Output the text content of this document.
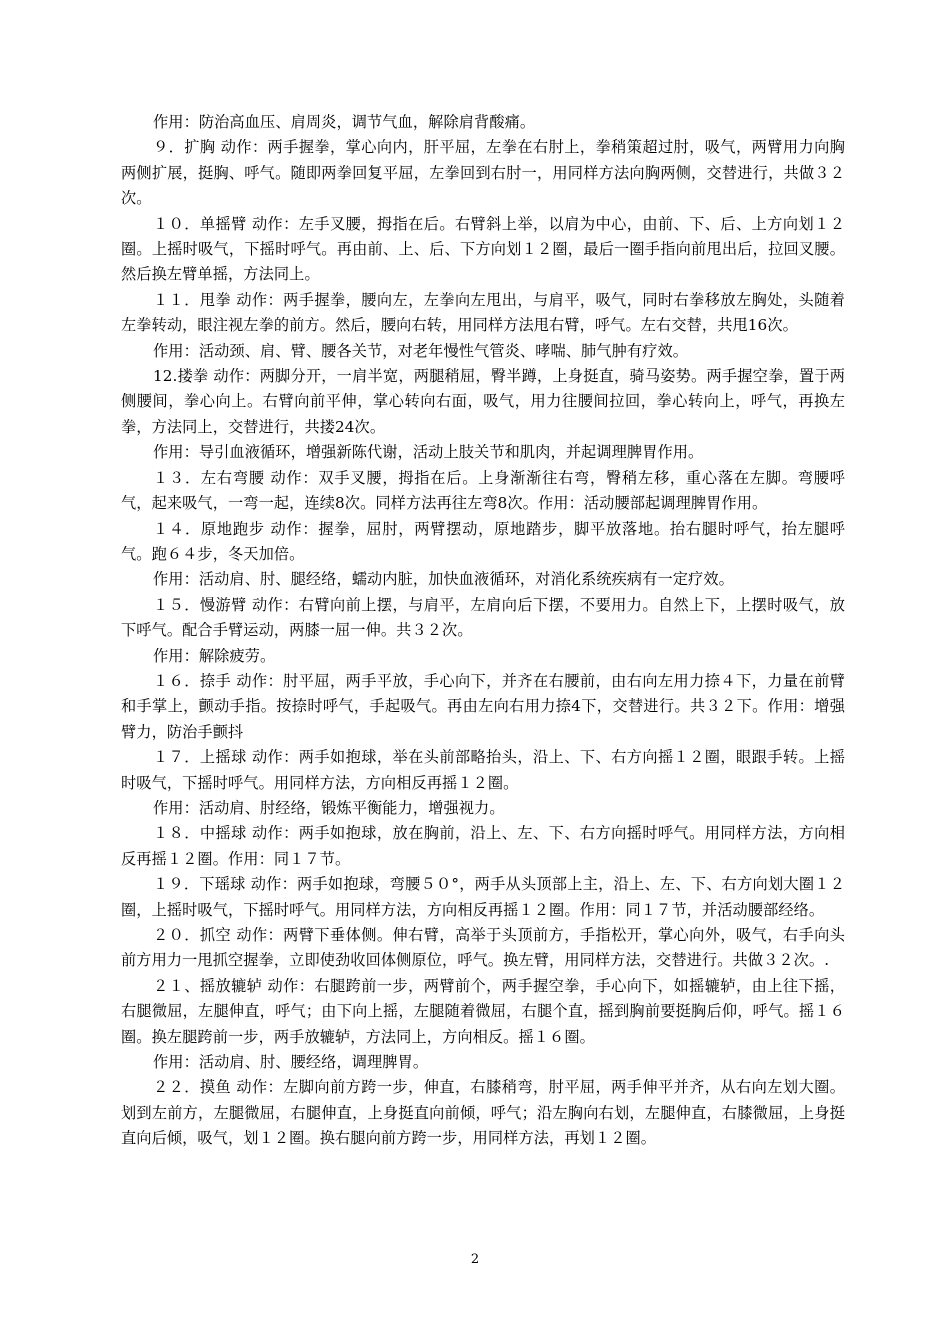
作用：防治高血压、肩周炎，调节气血，解除肩背酸痛。

９．扩胸 动作：两手握拳，掌心向内，肝平屈，左拳在右肘上，拳稍策超过肘，吸气，两臂用力向胸两侧扩展，挺胸、呼气。随即两拳回复平屈，左拳回到右肘一，用同样方法向胸两侧，交替进行，共做３２次。

１０．单摇臂 动作：左手叉腰，拇指在后。右臂斜上举，以肩为中心，由前、下、后、上方向划１２圈。上摇时吸气，下摇时呼气。再由前、上、后、下方向划１２圈，最后一圈手指向前甩出后，拉回叉腰。然后换左臂单摇，方法同上。

１１．甩拳 动作：两手握拳，腰向左，左拳向左甩出，与肩平，吸气，同时右拳移放左胸处，头随着左拳转动，眼注视左拳的前方。然后，腰向右转，用同样方法甩右臂，呼气。左右交替，共甩16次。

作用：活动颈、肩、臂、腰各关节，对老年慢性气管炎、哮喘、肺气肿有疗效。

12.搂拳 动作：两脚分开，一肩半宽，两腿稍屈，臀半蹲，上身挺直，骑马姿势。两手握空拳，置于两侧腰间，拳心向上。右臂向前平伸，掌心转向右面，吸气，用力往腰间拉回，拳心转向上，呼气，再换左拳，方法同上，交替进行，共搂24次。

作用：导引血液循环，增强新陈代谢，活动上肢关节和肌肉，并起调理脾胃作用。

１３．左右弯腰 动作：双手叉腰，拇指在后。上身渐渐往右弯，臀稍左移，重心落在左脚。弯腰呼气，起来吸气，一弯一起，连续8次。同样方法再往左弯8次。作用：活动腰部起调理脾胃作用。

１４．原地跑步 动作：握拳，屈肘，两臂摆动，原地踏步，脚平放落地。抬右腿时呼气，抬左腿呼气。跑６４步，冬天加倍。

作用：活动肩、肘、腿经络，蠕动内脏，加快血液循环，对消化系统疾病有一定疗效。

１５．慢游臂 动作：右臂向前上摆，与肩平，左肩向后下摆，不要用力。自然上下，上摆时吸气，放下呼气。配合手臂运动，两膝一屈一伸。共３２次。

作用：解除疲劳。

１６．捺手 动作：肘平屈，两手平放，手心向下，并齐在右腰前，由右向左用力捺４下，力量在前臂和手掌上，颤动手指。按捺时呼气，手起吸气。再由左向右用力捺4下，交替进行。共３２下。作用：增强臂力，防治手颤抖

１７．上摇球 动作：两手如抱球，举在头前部略抬头，沿上、下、右方向摇１２圈，眼跟手转。上摇时吸气，下摇时呼气。用同样方法，方向相反再摇１２圈。

作用：活动肩、肘经络，锻炼平衡能力，增强视力。

１８．中摇球 动作：两手如抱球，放在胸前，沿上、左、下、右方向摇时呼气。用同样方法，方向相反再摇１２圈。作用：同１７节。

１９．下瑶球 动作：两手如抱球，弯腰５０°，两手从头顶部上主，沿上、左、下、右方向划大圈１２圈，上摇时吸气，下摇时呼气。用同样方法，方向相反再摇１２圈。作用：同１７节，并活动腰部经络。

２０．抓空 动作：两臂下垂体侧。伸右臂，高举于头顶前方，手指松开，掌心向外，吸气，右手向头前方用力一甩抓空握拳，立即使劲收回体侧原位，呼气。换左臂，用同样方法，交替进行。共做３２次。.

２１、摇放辘轳 动作：右腿跨前一步，两臂前个，两手握空拳，手心向下，如摇辘轳，由上往下摇，右腿微屈，左腿伸直，呼气；由下向上摇，左腿随着微屈，右腿个直，摇到胸前要挺胸后仰，呼气。摇１６圈。换左腿跨前一步，两手放辘轳，方法同上，方向相反。摇１６圈。

作用：活动肩、肘、腰经络，调理脾胃。

２２．摸鱼 动作：左脚向前方跨一步，伸直，右膝稍弯，肘平屈，两手伸平并齐，从右向左划大圈。划到左前方，左腿微屈，右腿伸直，上身挺直向前倾，呼气；沿左胸向右划，左腿伸直，右膝微屈，上身挺直向后倾，吸气，划１２圈。换右腿向前方跨一步，用同样方法，再划１２圈。

2
